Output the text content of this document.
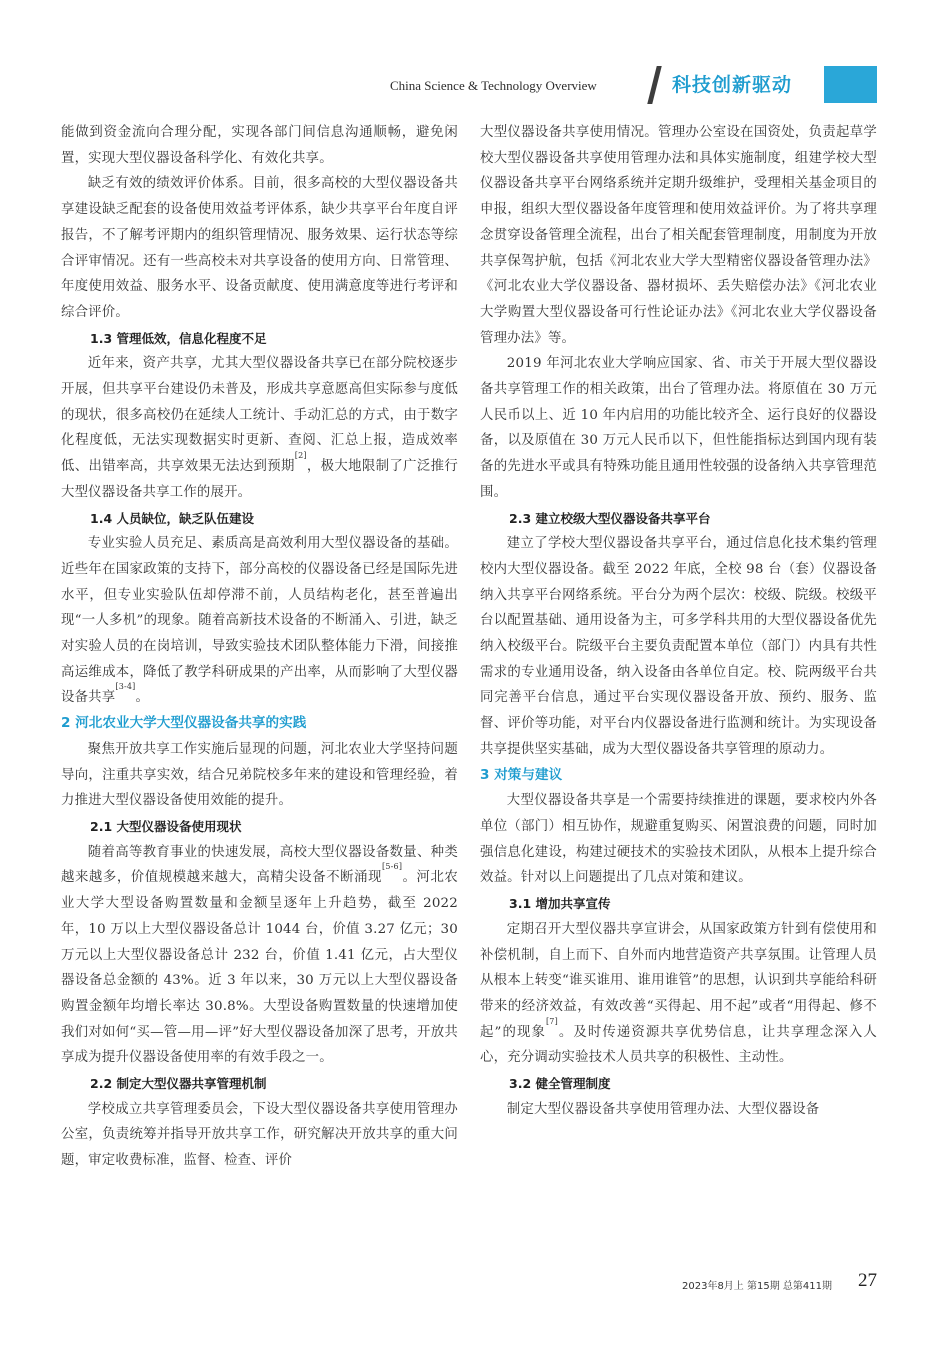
China Science & Technology Overview	科技创新驱动

能做到资金流向合理分配，实现各部门间信息沟通顺畅，避免闲置，实现大型仪器设备科学化、有效化共享。

缺乏有效的绩效评价体系。目前，很多高校的大型仪器设备共享建设缺乏配套的设备使用效益考评体系，缺少共享平台年度自评报告，不了解考评期内的组织管理情况、服务效果、运行状态等综合评审情况。还有一些高校未对共享设备的使用方向、日常管理、年度使用效益、服务水平、设备贡献度、使用满意度等进行考评和综合评价。

1.3 管理低效，信息化程度不足

近年来，资产共享，尤其大型仪器设备共享已在部分院校逐步开展，但共享平台建设仍未普及，形成共享意愿高但实际参与度低的现状，很多高校仍在延续人工统计、手动汇总的方式，由于数字化程度低，无法实现数据实时更新、查阅、汇总上报，造成效率低、出错率高，共享效果无法达到预期[2]，极大地限制了广泛推行大型仪器设备共享工作的展开。

1.4 人员缺位，缺乏队伍建设

专业实验人员充足、素质高是高效利用大型仪器设备的基础。近些年在国家政策的支持下，部分高校的仪器设备已经是国际先进水平，但专业实验队伍却停滞不前，人员结构老化，甚至普遍出现“一人多机”的现象。随着高新技术设备的不断涌入、引进，缺乏对实验人员的在岗培训，导致实验技术团队整体能力下滑，间接推高运维成本，降低了教学科研成果的产出率，从而影响了大型仪器设备共享[3-4]。

2 河北农业大学大型仪器设备共享的实践

聚焦开放共享工作实施后显现的问题，河北农业大学坚持问题导向，注重共享实效，结合兄弟院校多年来的建设和管理经验，着力推进大型仪器设备使用效能的提升。

2.1 大型仪器设备使用现状

随着高等教育事业的快速发展，高校大型仪器设备数量、种类越来越多，价值规模越来越大，高精尖设备不断涌现[5-6]。河北农业大学大型设备购置数量和金额呈逐年上升趋势，截至 2022 年，10 万以上大型仪器设备总计 1044 台，价值 3.27 亿元；30 万元以上大型仪器设备总计 232 台，价值 1.41 亿元，占大型仪器设备总金额的 43%。近 3 年以来，30 万元以上大型仪器设备购置金额年均增长率达 30.8%。大型设备购置数量的快速增加使我们对如何“买—管—用—评”好大型仪器设备加深了思考，开放共享成为提升仪器设备使用率的有效手段之一。

2.2 制定大型仪器共享管理机制

学校成立共享管理委员会，下设大型仪器设备共享使用管理办公室，负责统筹并指导开放共享工作，研究解决开放共享的重大问题，审定收费标准，监督、检查、评价

大型仪器设备共享使用情况。管理办公室设在国资处，负责起草学校大型仪器设备共享使用管理办法和具体实施制度，组建学校大型仪器设备共享平台网络系统并定期升级维护，受理相关基金项目的申报，组织大型仪器设备年度管理和使用效益评价。为了将共享理念贯穿设备管理全流程，出台了相关配套管理制度，用制度为开放共享保驾护航，包括《河北农业大学大型精密仪器设备管理办法》《河北农业大学仪器设备、器材损坏、丢失赔偿办法》《河北农业大学购置大型仪器设备可行性论证办法》《河北农业大学仪器设备管理办法》等。

2019 年河北农业大学响应国家、省、市关于开展大型仪器设备共享管理工作的相关政策，出台了管理办法。将原值在 30 万元人民币以上、近 10 年内启用的功能比较齐全、运行良好的仪器设备，以及原值在 30 万元人民币以下，但性能指标达到国内现有装备的先进水平或具有特殊功能且通用性较强的设备纳入共享管理范围。

2.3 建立校级大型仪器设备共享平台

建立了学校大型仪器设备共享平台，通过信息化技术集约管理校内大型仪器设备。截至 2022 年底，全校 98 台（套）仪器设备纳入共享平台网络系统。平台分为两个层次：校级、院级。校级平台以配置基础、通用设备为主，可多学科共用的大型仪器设备优先纳入校级平台。院级平台主要负责配置本单位（部门）内具有共性需求的专业通用设备，纳入设备由各单位自定。校、院两级平台共同完善平台信息，通过平台实现仪器设备开放、预约、服务、监督、评价等功能，对平台内仪器设备进行监测和统计。为实现设备共享提供坚实基础，成为大型仪器设备共享管理的原动力。

3 对策与建议

大型仪器设备共享是一个需要持续推进的课题，要求校内外各单位（部门）相互协作，规避重复购买、闲置浪费的问题，同时加强信息化建设，构建过硬技术的实验技术团队，从根本上提升综合效益。针对以上问题提出了几点对策和建议。

3.1 增加共享宣传

定期召开大型仪器共享宣讲会，从国家政策方针到有偿使用和补偿机制，自上而下、自外而内地营造资产共享氛围。让管理人员从根本上转变“谁买谁用、谁用谁管”的思想，认识到共享能给科研带来的经济效益，有效改善“买得起、用不起”或者“用得起、修不起”的现象[7]。及时传递资源共享优势信息，让共享理念深入人心，充分调动实验技术人员共享的积极性、主动性。

3.2 健全管理制度

制定大型仪器设备共享使用管理办法、大型仪器设备

2023年8月上 第15期 总第411期 27
